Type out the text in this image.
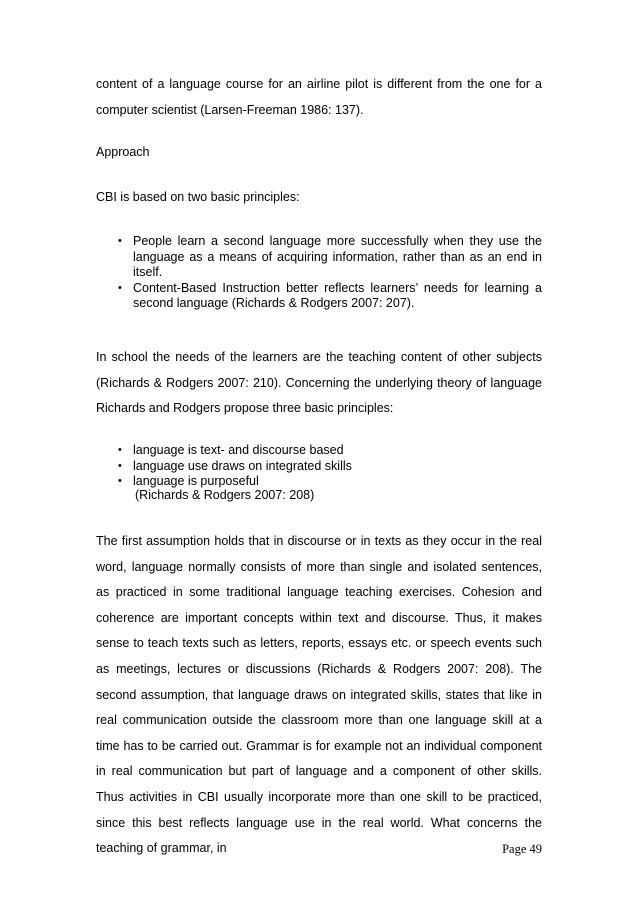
content of a language course for an airline pilot is different from the one for a computer scientist (Larsen-Freeman 1986: 137).

Approach

CBI is based on two basic principles:

• People learn a second language more successfully when they use the language as a means of acquiring information, rather than as an end in itself.
• Content-Based Instruction better reflects learners’ needs for learning a second language (Richards & Rodgers 2007: 207).

In school the needs of the learners are the teaching content of other subjects (Richards & Rodgers 2007: 210). Concerning the underlying theory of language Richards and Rodgers propose three basic principles:

• language is text- and discourse based
• language use draws on integrated skills
• language is purposeful
(Richards & Rodgers 2007: 208)

The first assumption holds that in discourse or in texts as they occur in the real word, language normally consists of more than single and isolated sentences, as practiced in some traditional language teaching exercises. Cohesion and coherence are important concepts within text and discourse. Thus, it makes sense to teach texts such as letters, reports, essays etc. or speech events such as meetings, lectures or discussions (Richards & Rodgers 2007: 208). The second assumption, that language draws on integrated skills, states that like in real communication outside the classroom more than one language skill at a time has to be carried out. Grammar is for example not an individual component in real communication but part of language and a component of other skills. Thus activities in CBI usually incorporate more than one skill to be practiced, since this best reflects language use in the real world. What concerns the teaching of grammar, in	Page 49
